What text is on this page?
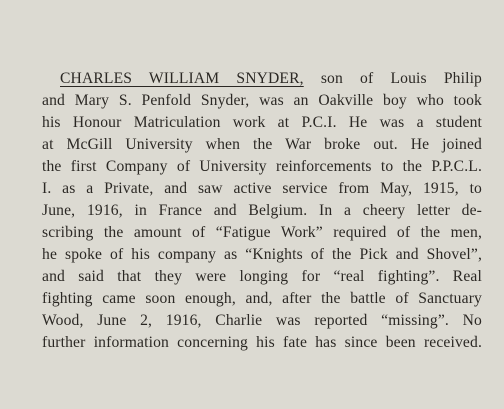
CHARLES WILLIAM SNYDER, son of Louis Philip
and Mary S. Penfold Snyder, was an Oakville boy who took
his Honour Matriculation work at P.C.I. He was a student
at McGill University when the War broke out. He joined
the first Company of University reinforcements to the P.P.C.L.
I. as a Private, and saw active service from May, 1915, to
June, 1916, in France and Belgium. In a cheery letter de-
scribing the amount of “Fatigue Work” required of the men,
he spoke of his company as “Knights of the Pick and Shovel”,
and said that they were longing for “real fighting”. Real
fighting came soon enough, and, after the battle of Sanctuary
Wood, June 2, 1916, Charlie was reported “missing”. No
further information concerning his fate has since been received.
